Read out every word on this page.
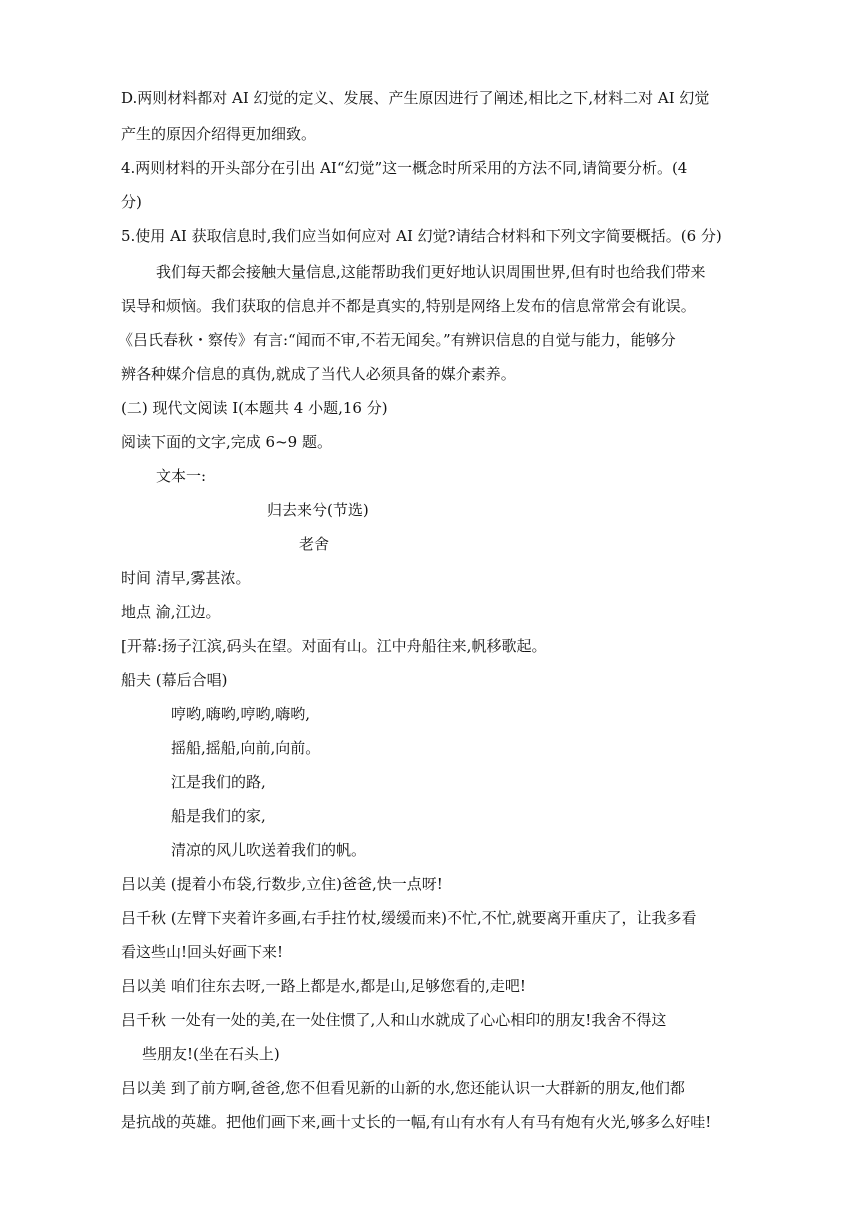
D.两则材料都对 AI 幻觉的定义、发展、产生原因进行了阐述,相比之下,材料二对 AI 幻觉
产生的原因介绍得更加细致。
4.两则材料的开头部分在引出 AI“幻觉”这一概念时所采用的方法不同,请简要分析。(4
分)
5.使用 AI 获取信息时,我们应当如何应对 AI 幻觉?请结合材料和下列文字简要概括。(6 分)
我们每天都会接触大量信息,这能帮助我们更好地认识周围世界,但有时也给我们带来
误导和烦恼。我们获取的信息并不都是真实的,特别是网络上发布的信息常常会有讹误。
《吕氏春秋・察传》有言:“闻而不审,不若无闻矣。”有辨识信息的自觉与能力，能够分
辨各种媒介信息的真伪,就成了当代人必须具备的媒介素养。
(二) 现代文阅读 I(本题共 4 小题,16 分)
阅读下面的文字,完成 6~9 题。
文本一:
归去来兮(节选)
老舍
时间 清早,雾甚浓。
地点 渝,江边。
[开幕:扬子江滨,码头在望。对面有山。江中舟船往来,帆移歌起。
船夫 (幕后合唱)
哼哟,嗨哟,哼哟,嗨哟,
摇船,摇船,向前,向前。
江是我们的路,
船是我们的家,
清凉的风儿吹送着我们的帆。
吕以美 (提着小布袋,行数步,立住)爸爸,快一点呀!
吕千秋 (左臂下夹着许多画,右手拄竹杖,缓缓而来)不忙,不忙,就要离开重庆了，让我多看
看这些山!回头好画下来!
吕以美 咱们往东去呀,一路上都是水,都是山,足够您看的,走吧!
吕千秋 一处有一处的美,在一处住惯了,人和山水就成了心心相印的朋友!我舍不得这
些朋友!(坐在石头上)
吕以美 到了前方啊,爸爸,您不但看见新的山新的水,您还能认识一大群新的朋友,他们都
是抗战的英雄。把他们画下来,画十丈长的一幅,有山有水有人有马有炮有火光,够多么好哇!
